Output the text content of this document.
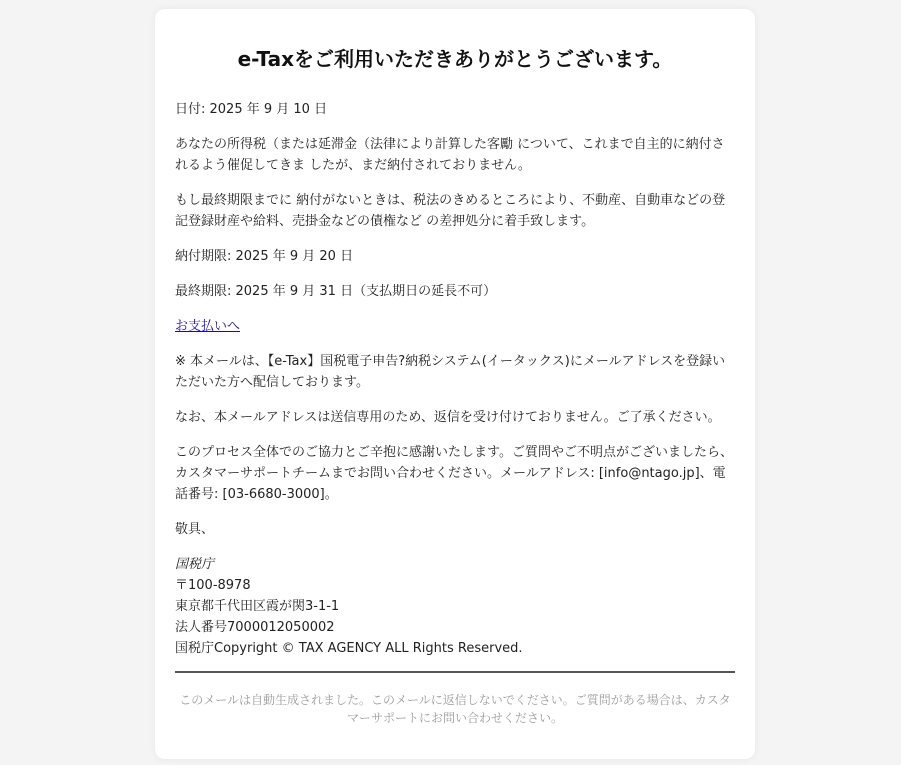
e-Taxをご利用いただきありがとうございます。

日付: 2025 年 9 月 10 日

あなたの所得税（または延滞金（法律により計算した客勵 について、これまで自主的に納付されるよう催促してきま したが、まだ納付されておりません。

もし最終期限までに 納付がないときは、税法のきめるところにより、不動産、自動車などの登記登録財産や給料、売掛金などの債権など の差押処分に着手致します。

納付期限: 2025 年 9 月 20 日

最終期限: 2025 年 9 月 31 日（支払期日の延長不可）

お支払いへ

※ 本メールは、【e-Tax】国税電子申告?納税システム(イータックス)にメールアドレスを登録いただいた方へ配信しております。

なお、本メールアドレスは送信専用のため、返信を受け付けておりません。ご了承ください。

このプロセス全体でのご協力とご辛抱に感謝いたします。ご質問やご不明点がございましたら、カスタマーサポートチームまでお問い合わせください。メールアドレス: [info@ntago.jp]、電話番号: [03-6680-3000]。

敬具、

国税庁
〒100-8978
東京都千代田区霞が関3-1-1
法人番号7000012050002
国税庁Copyright © TAX AGENCY ALL Rights Reserved.

このメールは自動生成されました。このメールに返信しないでください。ご質問がある場合は、カスタマーサポートにお問い合わせください。
